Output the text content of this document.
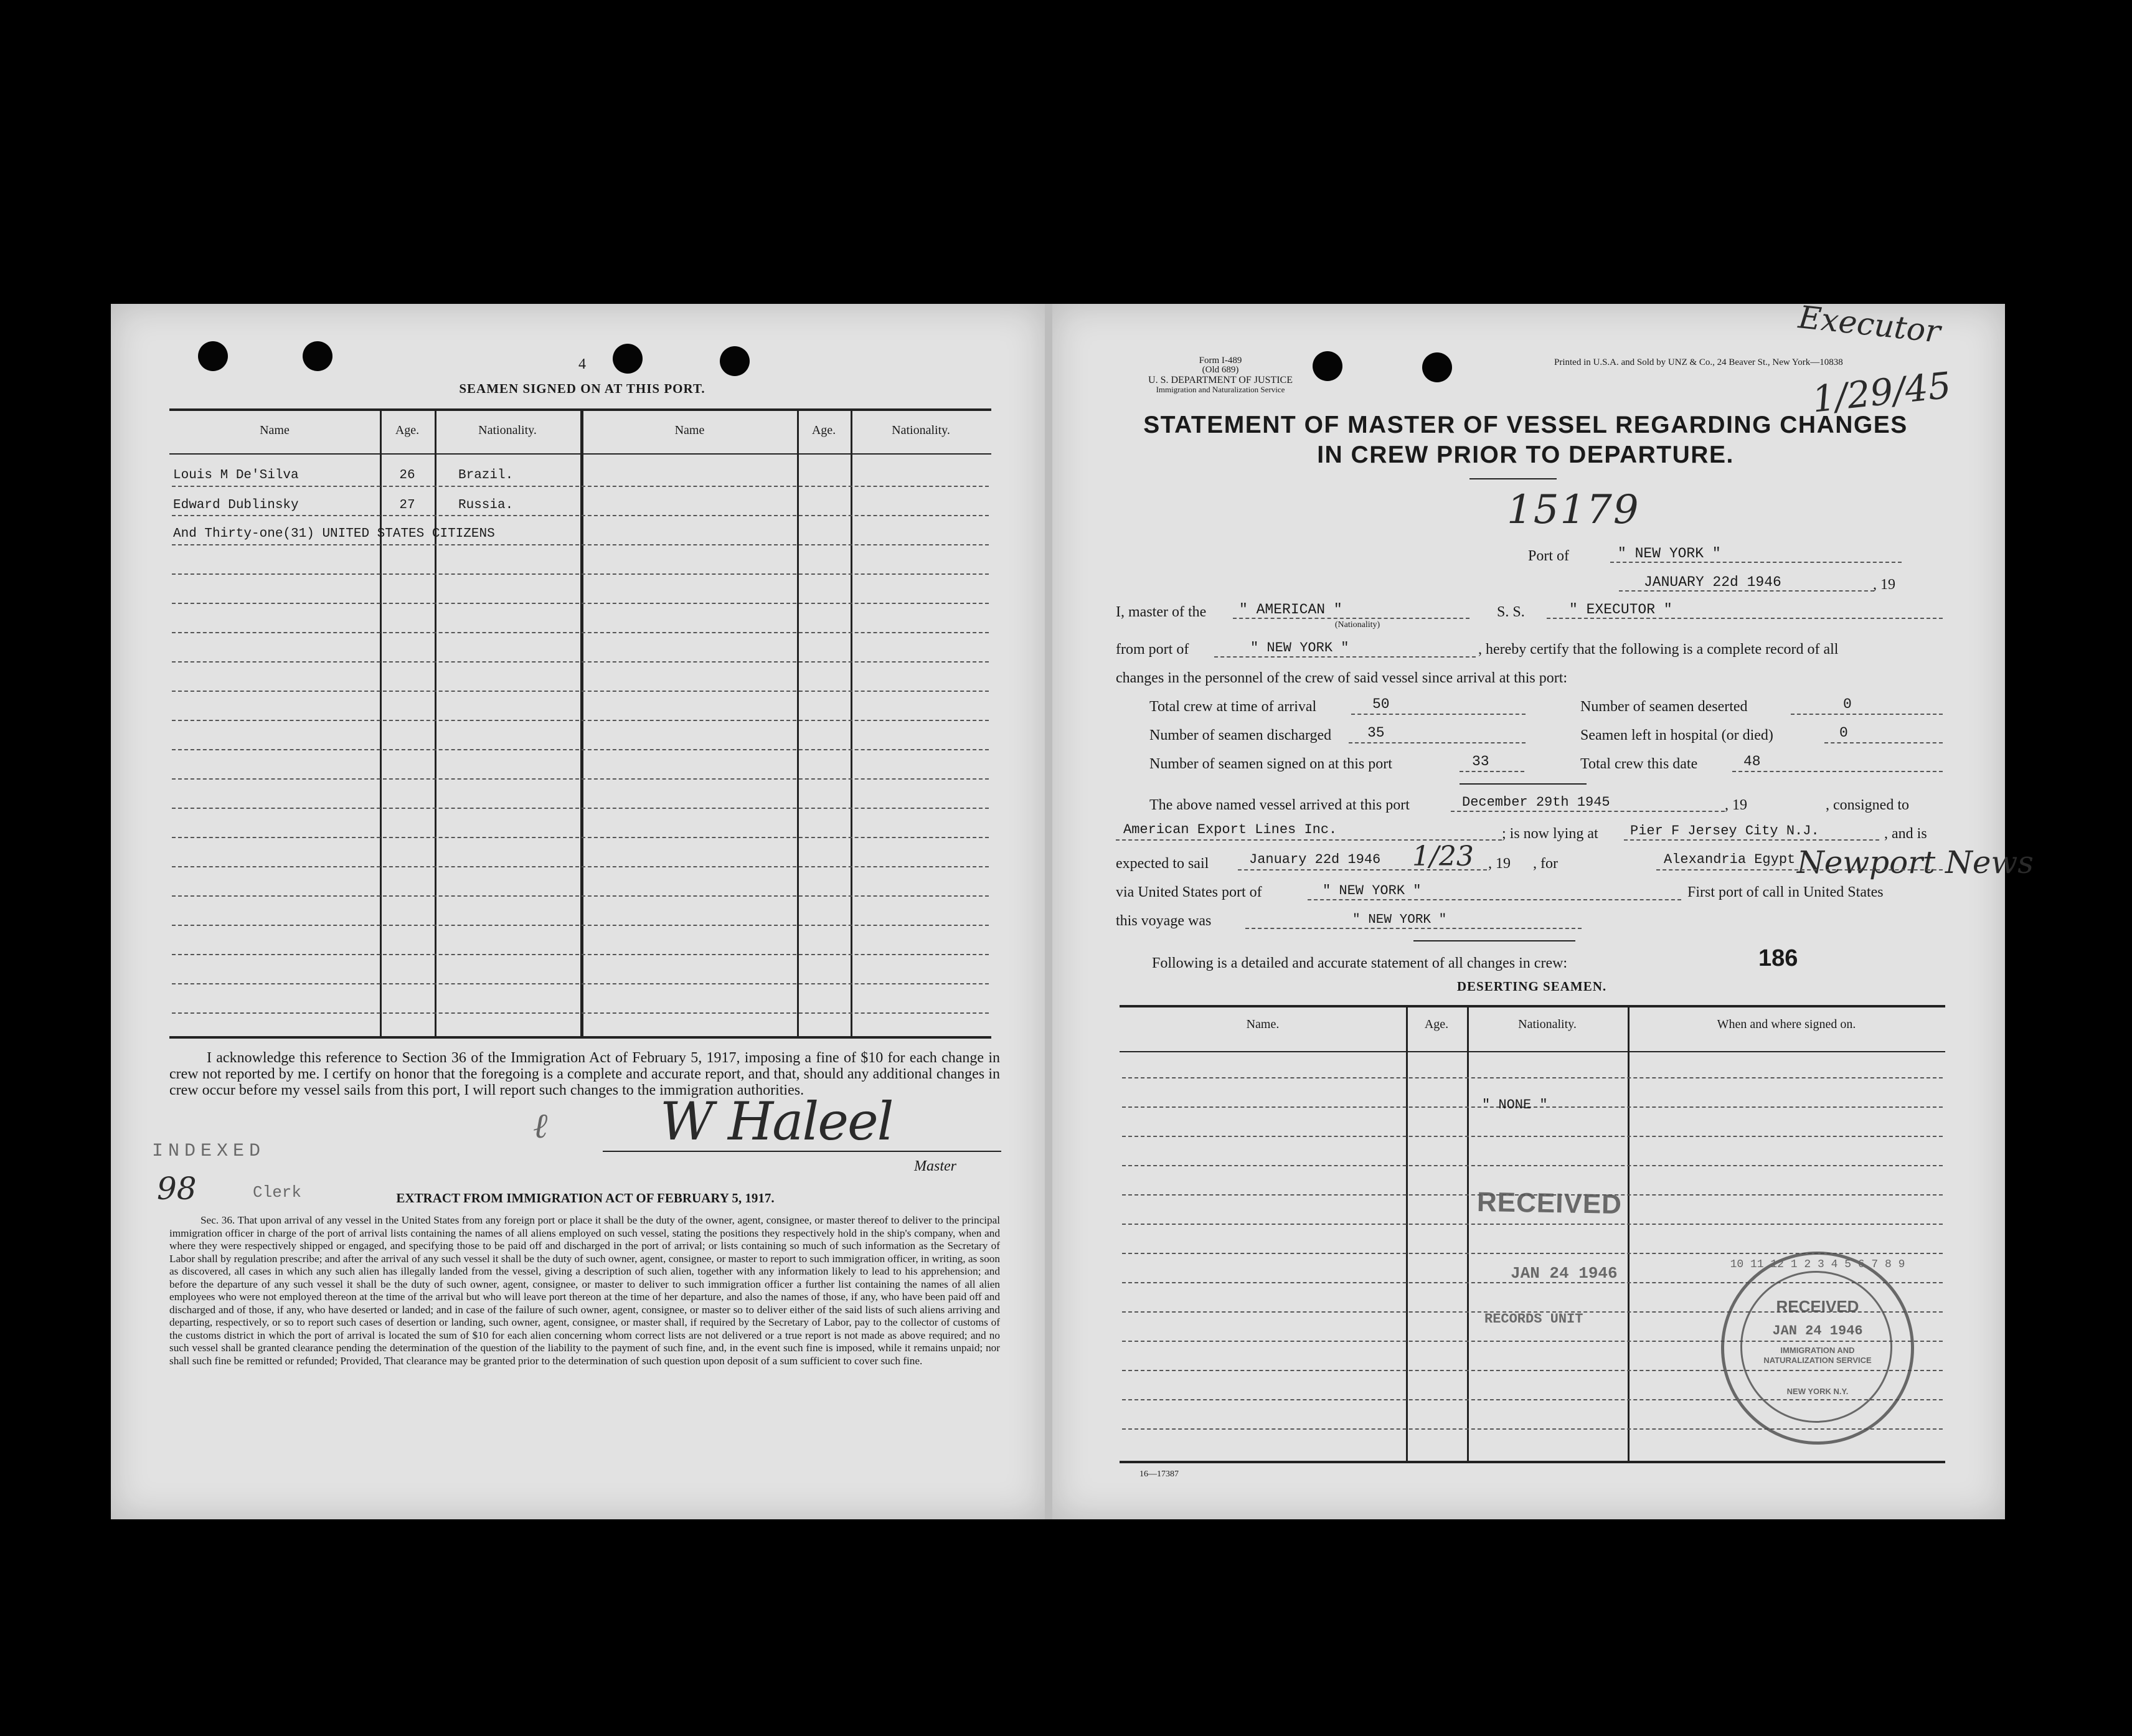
4
SEAMEN SIGNED ON AT THIS PORT.
Name	Age.	Nationality.	Name	Age.	Nationality.
Louis M De'Silva	26	Brazil.
Edward Dublinsky	27	Russia.
And Thirty-one(31) UNITED STATES CITIZENS
I acknowledge this reference to Section 36 of the Immigration Act of February 5, 1917, imposing a fine of $10 for each change in crew not reported by me. I certify on honor that the foregoing is a complete and accurate report, and that, should any additional changes in crew occur before my vessel sails from this port, I will report such changes to the immigration authorities.
W Haleel
ℓ
Master
INDEXED
98	Clerk	EXTRACT FROM IMMIGRATION ACT OF FEBRUARY 5, 1917.
Sec. 36. That upon arrival of any vessel in the United States from any foreign port or place it shall be the duty of the owner, agent, consignee, or master thereof to deliver to the principal immigration officer in charge of the port of arrival lists containing the names of all aliens employed on such vessel, stating the positions they respectively hold in the ship's company, when and where they were respectively shipped or engaged, and specifying those to be paid off and discharged in the port of arrival; or lists containing so much of such information as the Secretary of Labor shall by regulation prescribe; and after the arrival of any such vessel it shall be the duty of such owner, agent, consignee, or master to report to such immigration officer, in writing, as soon as discovered, all cases in which any such alien has illegally landed from the vessel, giving a description of such alien, together with any information likely to lead to his apprehension; and before the departure of any such vessel it shall be the duty of such owner, agent, consignee, or master to deliver to such immigration officer a further list containing the names of all alien employees who were not employed thereon at the time of the arrival but who will leave port thereon at the time of her departure, and also the names of those, if any, who have been paid off and discharged and of those, if any, who have deserted or landed; and in case of the failure of such owner, agent, consignee, or master so to deliver either of the said lists of such aliens arriving and departing, respectively, or so to report such cases of desertion or landing, such owner, agent, consignee, or master shall, if required by the Secretary of Labor, pay to the collector of customs of the customs district in which the port of arrival is located the sum of $10 for each alien concerning whom correct lists are not delivered or a true report is not made as above required; and no such vessel shall be granted clearance pending the determination of the question of the liability to the payment of such fine, and, in the event such fine is imposed, while it remains unpaid; nor shall such fine be remitted or refunded; Provided, That clearance may be granted prior to the determination of such question upon deposit of a sum sufficient to cover such fine.
Form I-489
(Old 689)
U. S. DEPARTMENT OF JUSTICE
Immigration and Naturalization Service
Printed in U.S.A. and Sold by UNZ & Co., 24 Beaver St., New York—10838
Executor
1/29/45
STATEMENT OF MASTER OF VESSEL REGARDING CHANGES
IN CREW PRIOR TO DEPARTURE.
15179
Port of	" NEW YORK "
JANUARY 22d 1946	, 19
I, master of the " AMERICAN "
(Nationality)
S. S.	" EXECUTOR "
from port of	" NEW YORK "	, hereby certify that the following is a complete record of all
changes in the personnel of the crew of said vessel since arrival at this port:
Total crew at time of arrival	50
Number of seamen discharged	35
Number of seamen signed on at this port	33
Number of seamen deserted	0
Seamen left in hospital (or died)	0
Total crew this date	48
The above named vessel arrived at this port	December 29th 1945	, 19	, consigned to
American Export Lines Inc.	; is now lying at Pier F Jersey City N.J.	, and is
expected to sail	January 22d 1946 1/23 , 19      , for	Alexandria Egypt Newport News
via United States port of	" NEW YORK "	First port of call in United States
this voyage was	" NEW YORK "
Following is a detailed and accurate statement of all changes in crew:	186
DESERTING SEAMEN.
Name.	Age.	Nationality.	When and where signed on.
" NONE "
RECEIVED
JAN 24 1946
RECORDS UNIT
10 11 12 1 2 3 4 5 6 7 8 9
RECEIVED
JAN 24 1946
IMMIGRATION AND NATURALIZATION SERVICE
NEW YORK N.Y.
16—17387
